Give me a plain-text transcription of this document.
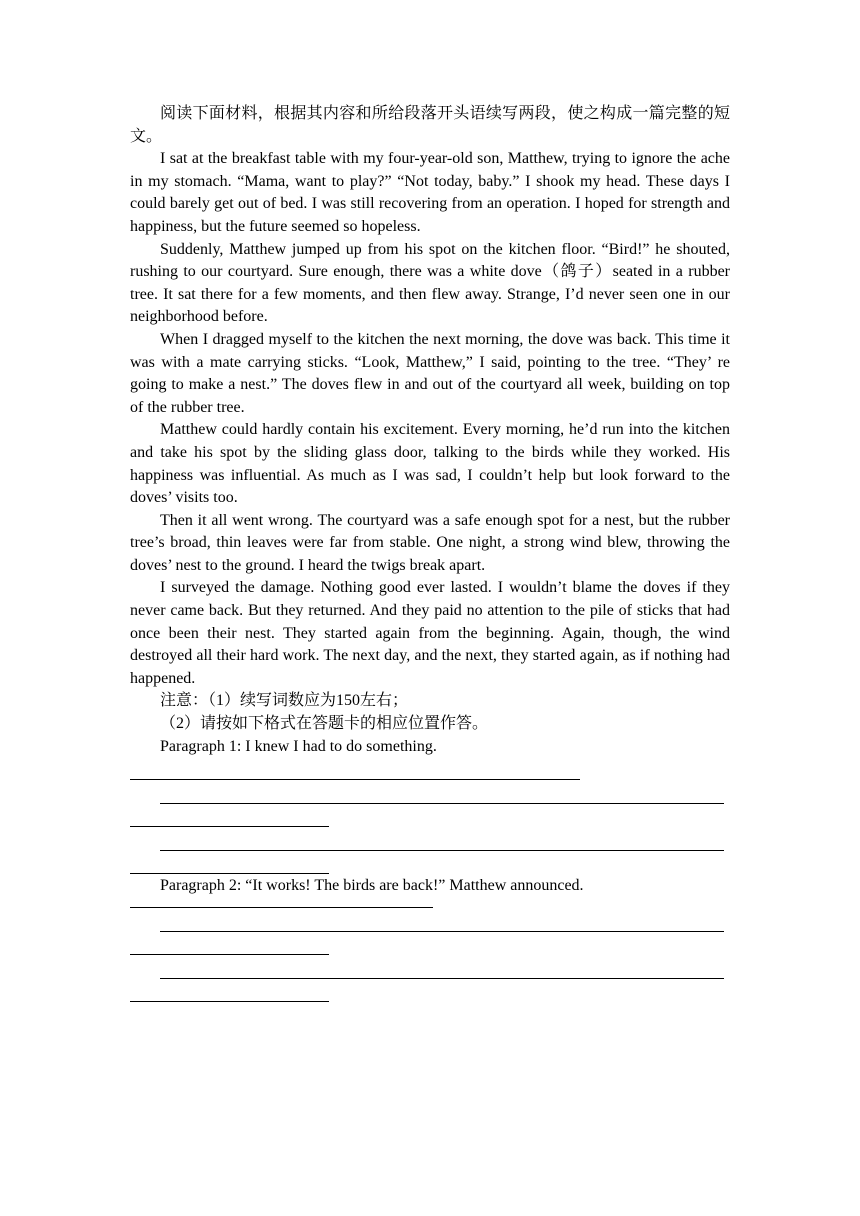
阅读下面材料，根据其内容和所给段落开头语续写两段，使之构成一篇完整的短文。

I sat at the breakfast table with my four-year-old son, Matthew, trying to ignore the ache in my stomach. “Mama, want to play?” “Not today, baby.” I shook my head. These days I could barely get out of bed. I was still recovering from an operation. I hoped for strength and happiness, but the future seemed so hopeless.

Suddenly, Matthew jumped up from his spot on the kitchen floor. “Bird!” he shouted, rushing to our courtyard. Sure enough, there was a white dove（鸽子）seated in a rubber tree. It sat there for a few moments, and then flew away. Strange, I’d never seen one in our neighborhood before.

When I dragged myself to the kitchen the next morning, the dove was back. This time it was with a mate carrying sticks. “Look, Matthew,” I said, pointing to the tree. “They’ re going to make a nest.” The doves flew in and out of the courtyard all week, building on top of the rubber tree.

Matthew could hardly contain his excitement. Every morning, he’d run into the kitchen and take his spot by the sliding glass door, talking to the birds while they worked. His happiness was influential. As much as I was sad, I couldn’t help but look forward to the doves’ visits too.

Then it all went wrong. The courtyard was a safe enough spot for a nest, but the rubber tree’s broad, thin leaves were far from stable. One night, a strong wind blew, throwing the doves’ nest to the ground. I heard the twigs break apart.

I surveyed the damage. Nothing good ever lasted. I wouldn’t blame the doves if they never came back. But they returned. And they paid no attention to the pile of sticks that had once been their nest. They started again from the beginning. Again, though, the wind destroyed all their hard work. The next day, and the next, they started again, as if nothing had happened.

注意：（1）续写词数应为150左右；

（2）请按如下格式在答题卡的相应位置作答。

Paragraph 1: I knew I had to do something.

Paragraph 2: “It works! The birds are back!” Matthew announced.
